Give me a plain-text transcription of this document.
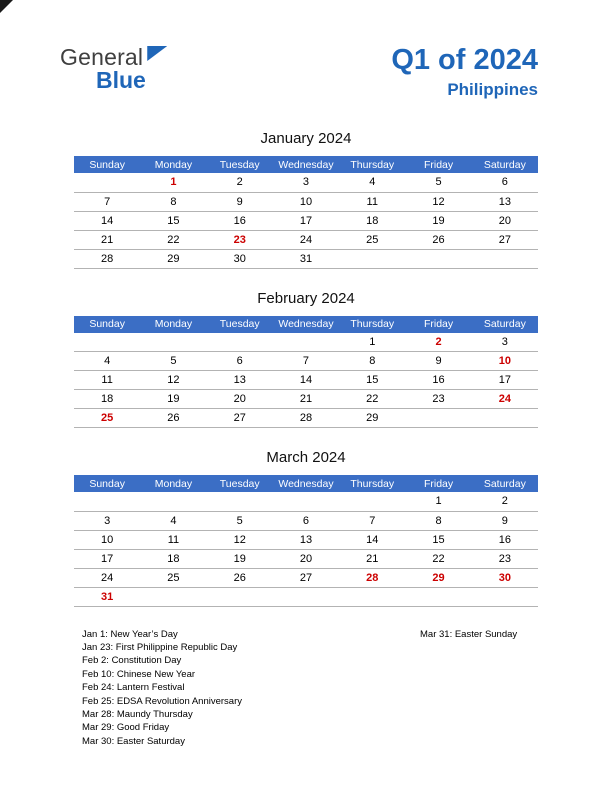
General
Blue
Q1 of 2024
Philippines
January 2024
Sunday	Monday	Tuesday	Wednesday	Thursday	Friday	Saturday
	1	2	3	4	5	6
7	8	9	10	11	12	13
14	15	16	17	18	19	20
21	22	23	24	25	26	27
28	29	30	31			
February 2024
Sunday	Monday	Tuesday	Wednesday	Thursday	Friday	Saturday
				1	2	3
4	5	6	7	8	9	10
11	12	13	14	15	16	17
18	19	20	21	22	23	24
25	26	27	28	29		
March 2024
Sunday	Monday	Tuesday	Wednesday	Thursday	Friday	Saturday
					1	2
3	4	5	6	7	8	9
10	11	12	13	14	15	16
17	18	19	20	21	22	23
24	25	26	27	28	29	30
31						
Jan 1: New Year’s Day
Jan 23: First Philippine Republic Day
Feb 2: Constitution Day
Feb 10: Chinese New Year
Feb 24: Lantern Festival
Feb 25: EDSA Revolution Anniversary
Mar 28: Maundy Thursday
Mar 29: Good Friday
Mar 30: Easter Saturday
Mar 31: Easter Sunday
